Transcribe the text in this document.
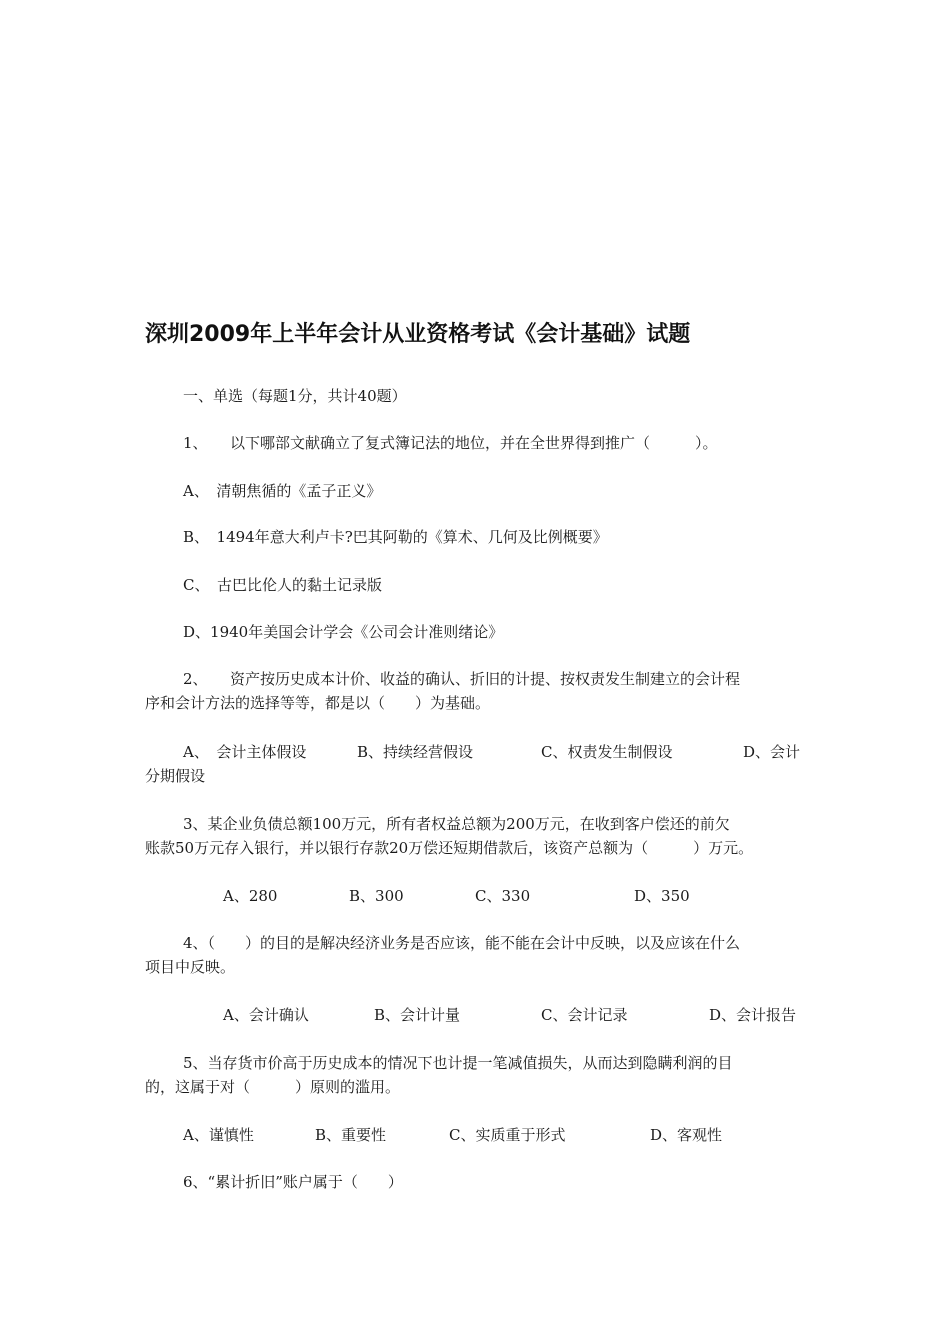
深圳2009年上半年会计从业资格考试《会计基础》试题
一、单选（每题1分，共计40题）
1、　　以下哪部文献确立了复式簿记法的地位，并在全世界得到推广（　　　）。
A、　清朝焦循的《孟子正义》
B、　1494年意大利卢卡?巴其阿勒的《算术、几何及比例概要》
C、　古巴比伦人的黏土记录版
D、1940年美国会计学会《公司会计准则绪论》
2、　　资产按历史成本计价、收益的确认、折旧的计提、按权责发生制建立的会计程
序和会计方法的选择等等，都是以（　　）为基础。
A、　会计主体假设	B、持续经营假设	C、权责发生制假设	D、会计
分期假设
3、某企业负债总额100万元，所有者权益总额为200万元，在收到客户偿还的前欠
账款50万元存入银行，并以银行存款20万偿还短期借款后，该资产总额为（　　　）万元。
A、280	B、300	C、330	D、350
4、（　　）的目的是解决经济业务是否应该，能不能在会计中反映，以及应该在什么
项目中反映。
A、会计确认	B、会计计量	C、会计记录	D、会计报告
5、当存货市价高于历史成本的情况下也计提一笔减值损失，从而达到隐瞒利润的目
的，这属于对（　　　）原则的滥用。
A、谨慎性	B、重要性	C、实质重于形式	D、客观性
6、“累计折旧”账户属于（　　）
